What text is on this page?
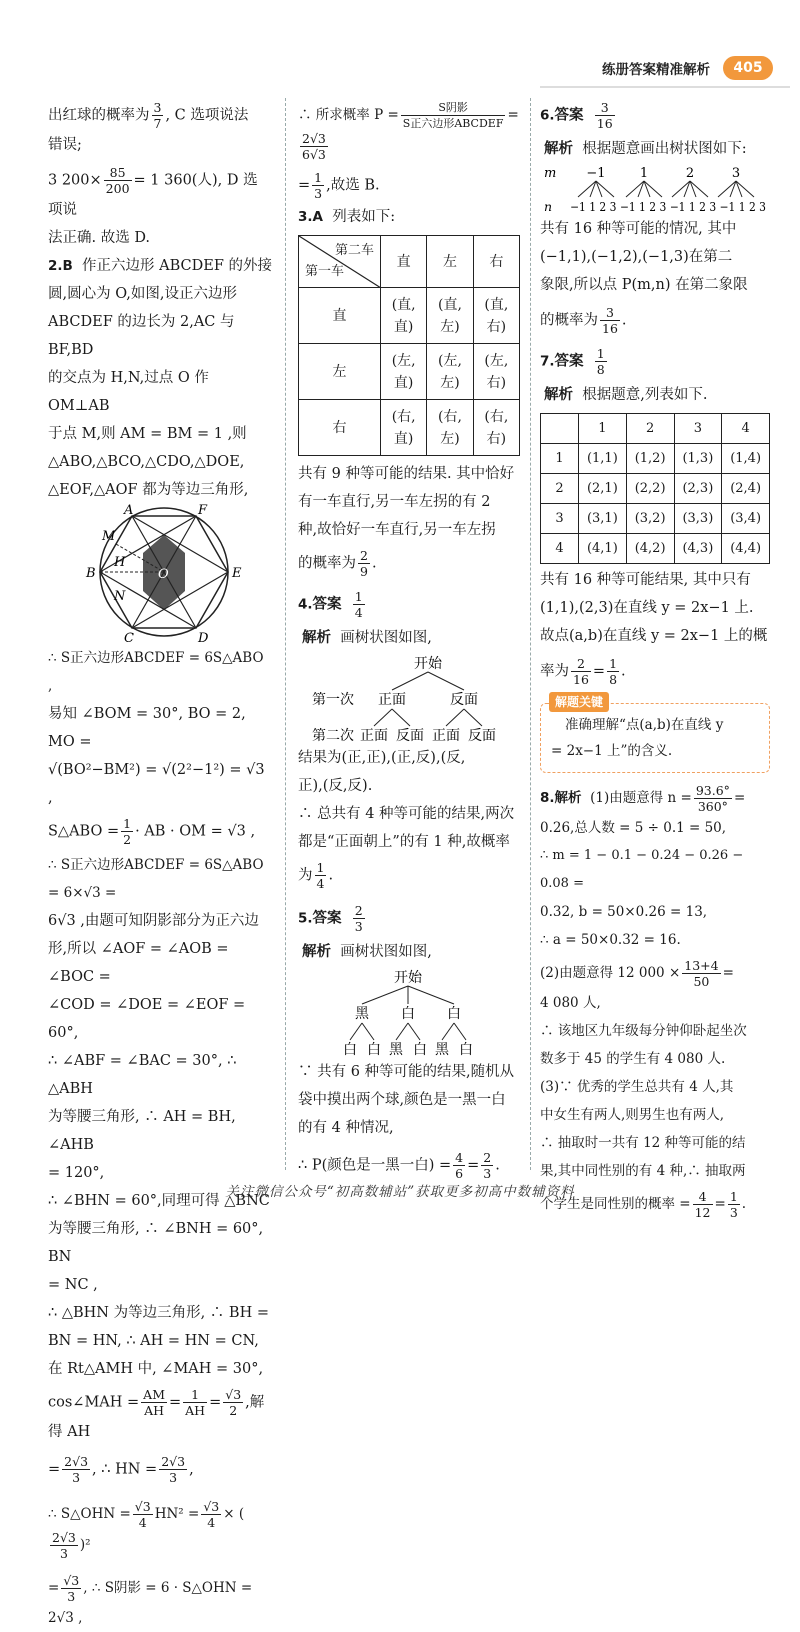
练册答案精准解析	405
出红球的概率为 $\frac{3}{7}$ , C 选项说法
错误;
3 $200\times \frac{85}{200} = 1$ 360(人), D 选项说
法正确. 故选 D.
2.B 作正六边形 ABCDEF 的外接
圆,圆心为 O,如图,设正六边形
ABCDEF 的边长为 2,AC 与 BF,BD
的交点为 H,N,过点 O 作 OM⊥AB
于点 M,则 AM = BM = 1 ,则
△ABO,△BCO,△CDO,△DOE,
△EOF,△AOF 都为等边三角形,
A	F
M
H
O
B	E
N
C	D
∴ S正六边形ABCDEF = 6S△ABO ,
易知 ∠BOM = 30°, BO = 2, MO =
√(BO²−BM²) = √(2²−1²) = √3 ,
S△ABO = $\frac{1}{2}$ · AB · OM = √3 ,
∴ S正六边形ABCDEF = 6S△ABO = 6×√3 =
6√3 ,由题可知阴影部分为正六边
形,所以 ∠AOF = ∠AOB = ∠BOC =
∠COD = ∠DOE = ∠EOF = 60°,
∴ ∠ABF = ∠BAC = 30°, ∴ △ABH
为等腰三角形, ∴ AH = BH, ∠AHB
= 120°,
∴ ∠BHN = 60°,同理可得 △BNC
为等腰三角形, ∴ ∠BNH = 60°, BN
= NC ,
∴ △BHN 为等边三角形, ∴ BH =
BN = HN, ∴ AH = HN = CN,
在 Rt△AMH 中, ∠MAH = 30°,
cos∠MAH = $\frac{AM}{AH} = \frac{1}{AH} = \frac{√3}{2}$ ,解得 AH
= $\frac{2√3}{3}$ , ∴ HN = $\frac{2√3}{3}$ ,
∴ S△OHN = $\frac{√3}{4} HN^2 = \frac{√3}{4}$ × (
$\frac{2√3}{3} )^2$
= $\frac{√3}{3}$ , ∴ S阴影 = 6 · S△OHN = 2√3 ,
∴ 所求概率 $P = \frac{\text{S阴影}}{\text{S正六边形ABCDEF}}$ =
$\frac{2√3}{6√3}$
= $\frac{1}{3}$ ,故选 B.
3.A 列表如下:
第二车
第一车	直	左	右
直	(直,直)	(直,左)	(直,右)
左	(左,直)	(左,左)	(左,右)
右	(右,直)	(右,左)	(右,右)
共有 9 种等可能的结果. 其中恰好
有一车直行,另一车左拐的有 2
种,故恰好一车直行,另一车左拐
的概率为 $\frac{2}{9}$ .
4.答案 $\frac{1}{4}$
解析 画树状图如图,
开始
第一次 正面	反面
第二次 正面 反面 正面 反面
结果为(正,正),(正,反),(反,
正),(反,反).
∴ 总共有 4 种等可能的结果,两次
都是“正面朝上”的有 1 种,故概率
为 $\frac{1}{4}$ .
5.答案 $\frac{2}{3}$
解析 画树状图如图,
开始
黑 白 白
白 白 黑 白 黑 白
∵ 共有 6 种等可能的结果,随机从
袋中摸出两个球,颜色是一黑一白
的有 4 种情况,
∴ P(颜色是一黑一白) = $\frac{4}{6} = \frac{2}{3}$ .
6.答案 $\frac{3}{16}$
解析 根据题意画出树状图如下:
m −1	1	2	3
n −1 1 2 3 −1 1 2 3 −1 1 2 3 −1 1 2 3
共有 16 种等可能的情况, 其中
(−1,1),(−1,2),(−1,3)在第二
象限,所以点 P(m,n) 在第二象限
的概率为 $\frac{3}{16}$ .
7.答案 $\frac{1}{8}$
解析 根据题意,列表如下.
	1	2	3	4
1	(1,1)	(1,2)	(1,3)	(1,4)
2	(2,1)	(2,2)	(2,3)	(2,4)
3	(3,1)	(3,2)	(3,3)	(3,4)
4	(4,1)	(4,2)	(4,3)	(4,4)
共有 16 种等可能结果, 其中只有
(1,1),(2,3)在直线 y = 2x−1 上.
故点(a,b)在直线 y = 2x−1 上的概
率为 $\frac{2}{16} = \frac{1}{8}$ .
解题关键
准确理解“点(a,b)在直线 y
= 2x−1 上”的含义.
8.解析 (1)由题意得 $n = \frac{93.6^\circ}{360^\circ}$ =
0.26,总人数 = 5 ÷ 0.1 = 50,
∴ m = 1 − 0.1 − 0.24 − 0.26 − 0.08 =
0.32, b = 50×0.26 = 13,
∴ a = 50×0.32 = 16.
(2)由题意得 12 $000 \times \frac{13+4}{50}$ =
4 080 人,
∴ 该地区九年级每分钟仰卧起坐次
数多于 45 的学生有 4 080 人.
(3)∵ 优秀的学生总共有 4 人,其
中女生有两人,则男生也有两人,
∴ 抽取时一共有 12 种等可能的结
果,其中同性别的有 4 种,∴ 抽取两
个学生是同性别的概率 = $\frac{4}{12} = \frac{1}{3}$ .
关注微信公众号“初高数辅站”获取更多初高中数辅资料
